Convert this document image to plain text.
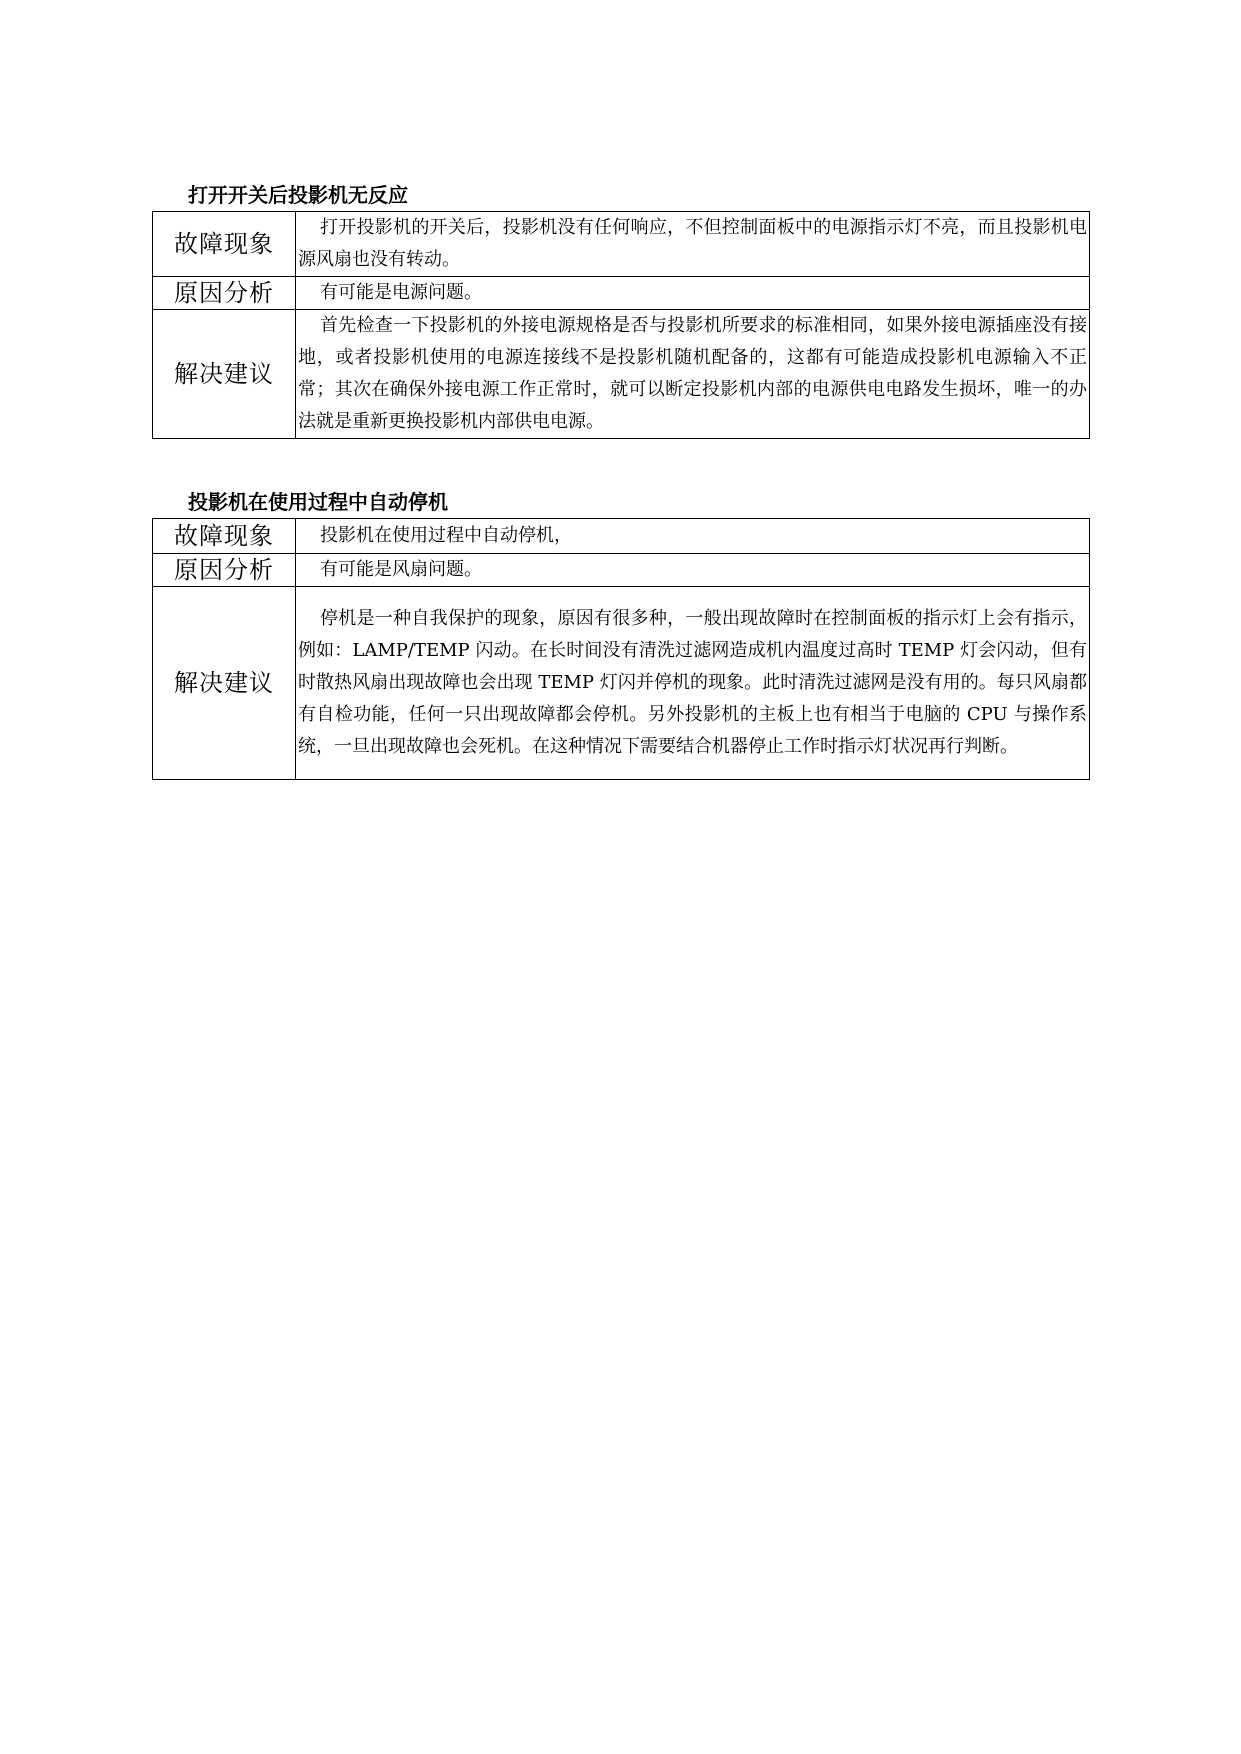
打开开关后投影机无反应
故障现象	打开投影机的开关后，投影机没有任何响应，不但控制面板中的电源指示灯不亮，而且投影机电源风扇也没有转动。
原因分析	有可能是电源问题。
解决建议	首先检查一下投影机的外接电源规格是否与投影机所要求的标准相同，如果外接电源插座没有接地，或者投影机使用的电源连接线不是投影机随机配备的，这都有可能造成投影机电源输入不正常；其次在确保外接电源工作正常时，就可以断定投影机内部的电源供电电路发生损坏，唯一的办法就是重新更换投影机内部供电电源。
投影机在使用过程中自动停机
故障现象	投影机在使用过程中自动停机，
原因分析	有可能是风扇问题。
解决建议	停机是一种自我保护的现象，原因有很多种，一般出现故障时在控制面板的指示灯上会有指示，例如：LAMP/TEMP 闪动。在长时间没有清洗过滤网造成机内温度过高时 TEMP 灯会闪动，但有时散热风扇出现故障也会出现 TEMP 灯闪并停机的现象。此时清洗过滤网是没有用的。每只风扇都有自检功能，任何一只出现故障都会停机。另外投影机的主板上也有相当于电脑的 CPU 与操作系统，一旦出现故障也会死机。在这种情况下需要结合机器停止工作时指示灯状况再行判断。
